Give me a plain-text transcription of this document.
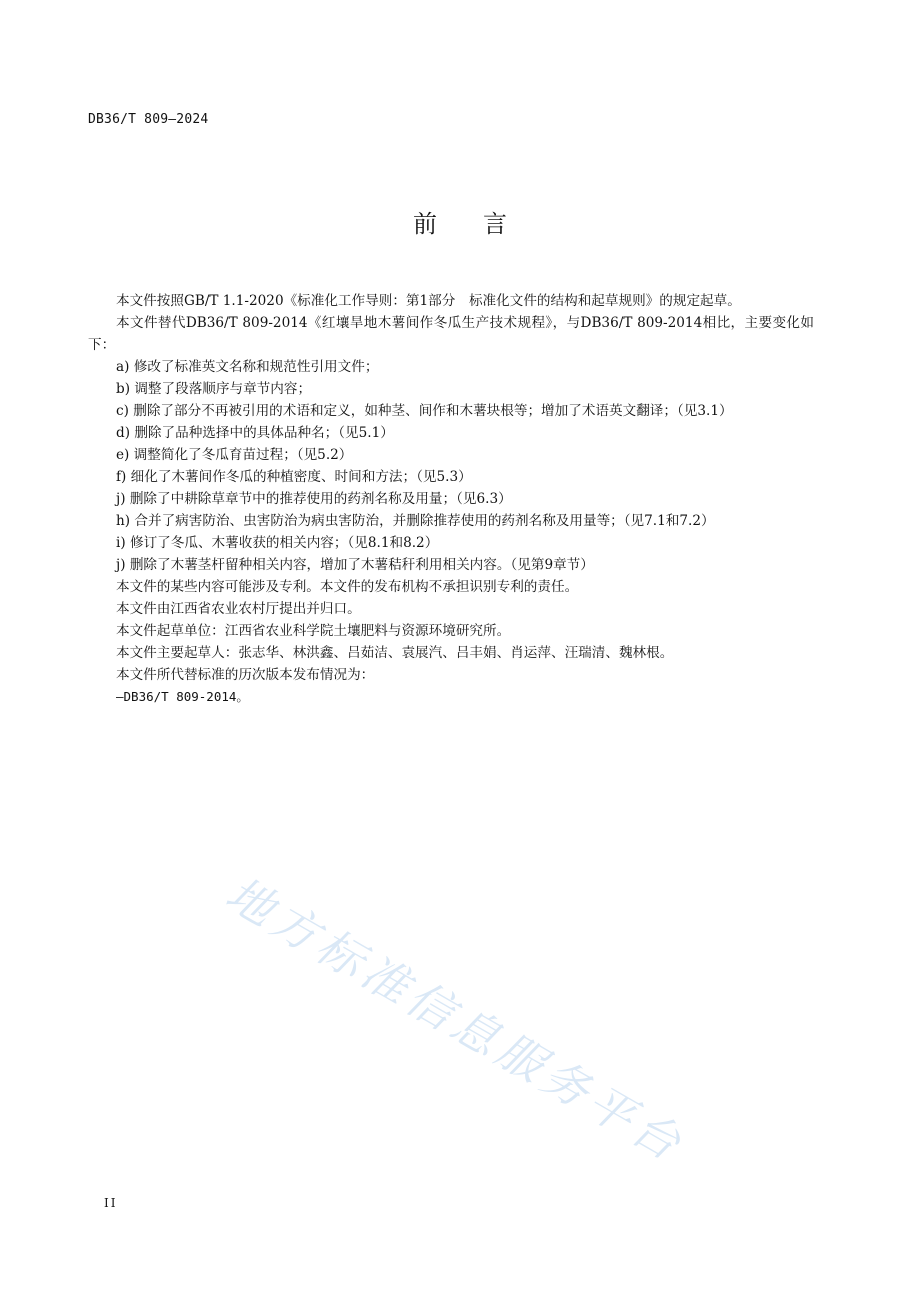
DB36/T 809—2024
前言

本文件按照GB/T 1.1-2020《标准化工作导则：第1部分　标准化文件的结构和起草规则》的规定起草。

本文件替代DB36/T 809-2014《红壤旱地木薯间作冬瓜生产技术规程》，与DB36/T 809-2014相比，主要变化如下：

a) 修改了标准英文名称和规范性引用文件；

b) 调整了段落顺序与章节内容；

c) 删除了部分不再被引用的术语和定义，如种茎、间作和木薯块根等；增加了术语英文翻译；（见3.1）

d) 删除了品种选择中的具体品种名；（见5.1）

e) 调整简化了冬瓜育苗过程；（见5.2）

f) 细化了木薯间作冬瓜的种植密度、时间和方法；（见5.3）

j) 删除了中耕除草章节中的推荐使用的药剂名称及用量；（见6.3）

h) 合并了病害防治、虫害防治为病虫害防治，并删除推荐使用的药剂名称及用量等；（见7.1和7.2）

i) 修订了冬瓜、木薯收获的相关内容；（见8.1和8.2）

j) 删除了木薯茎杆留种相关内容，增加了木薯秸秆利用相关内容。（见第9章节）

本文件的某些内容可能涉及专利。本文件的发布机构不承担识别专利的责任。

本文件由江西省农业农村厅提出并归口。

本文件起草单位：江西省农业科学院土壤肥料与资源环境研究所。

本文件主要起草人：张志华、林洪鑫、吕茹洁、袁展汽、吕丰娟、肖运萍、汪瑞清、魏林根。

本文件所代替标准的历次版本发布情况为：

—DB36/T 809-2014。

地方标准信息服务平台
II
